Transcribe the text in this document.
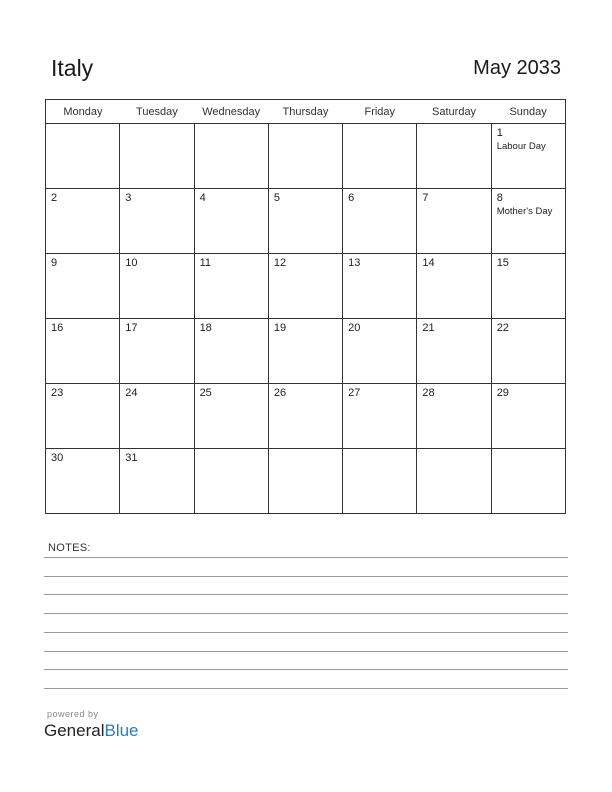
Italy	May 2033
Monday	Tuesday	Wednesday	Thursday	Friday	Saturday	Sunday

						1
Labour Day

2	3	4	5	6	7	8
Mother's Day

9	10	11	12	13	14	15

16	17	18	19	20	21	22

23	24	25	26	27	28	29

30	31					

NOTES:
powered by
GeneralBlue
